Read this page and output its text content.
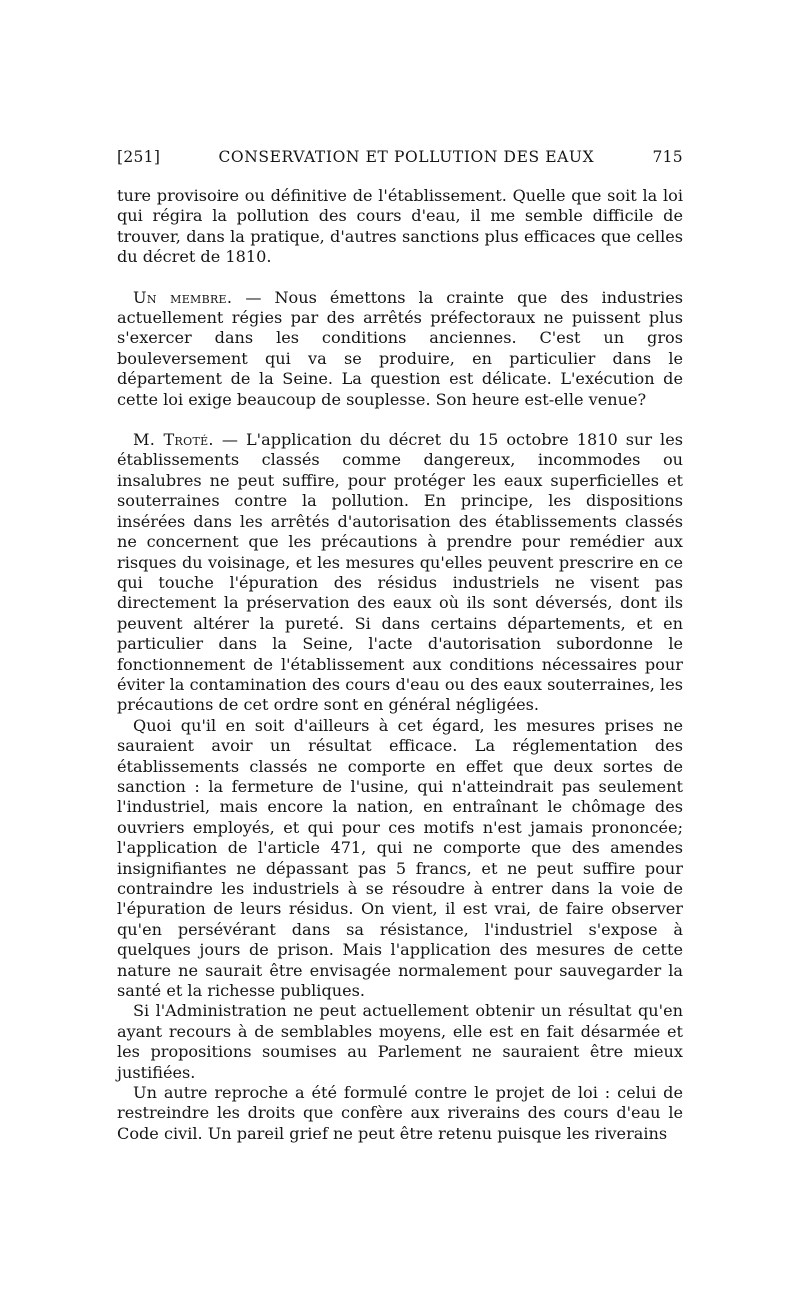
[251]	CONSERVATION ET POLLUTION DES EAUX	715

ture provisoire ou définitive de l'établissement. Quelle que soit la loi qui régira la pollution des cours d'eau, il me semble difficile de trouver, dans la pratique, d'autres sanctions plus efficaces que celles du décret de 1810.

Un membre. — Nous émettons la crainte que des industries actuellement régies par des arrêtés préfectoraux ne puissent plus s'exercer dans les conditions anciennes. C'est un gros bouleversement qui va se produire, en particulier dans le département de la Seine. La question est délicate. L'exécution de cette loi exige beaucoup de souplesse. Son heure est-elle venue?

M. Troté. — L'application du décret du 15 octobre 1810 sur les établissements classés comme dangereux, incommodes ou insalubres ne peut suffire, pour protéger les eaux superficielles et souterraines contre la pollution. En principe, les dispositions insérées dans les arrêtés d'autorisation des établissements classés ne concernent que les précautions à prendre pour remédier aux risques du voisinage, et les mesures qu'elles peuvent prescrire en ce qui touche l'épuration des résidus industriels ne visent pas directement la préservation des eaux où ils sont déversés, dont ils peuvent altérer la pureté. Si dans certains départements, et en particulier dans la Seine, l'acte d'autorisation subordonne le fonctionnement de l'établissement aux conditions nécessaires pour éviter la contamination des cours d'eau ou des eaux souterraines, les précautions de cet ordre sont en général négligées.

Quoi qu'il en soit d'ailleurs à cet égard, les mesures prises ne sauraient avoir un résultat efficace. La réglementation des établissements classés ne comporte en effet que deux sortes de sanction : la fermeture de l'usine, qui n'atteindrait pas seulement l'industriel, mais encore la nation, en entraînant le chômage des ouvriers employés, et qui pour ces motifs n'est jamais prononcée; l'application de l'article 471, qui ne comporte que des amendes insignifiantes ne dépassant pas 5 francs, et ne peut suffire pour contraindre les industriels à se résoudre à entrer dans la voie de l'épuration de leurs résidus. On vient, il est vrai, de faire observer qu'en persévérant dans sa résistance, l'industriel s'expose à quelques jours de prison. Mais l'application des mesures de cette nature ne saurait être envisagée normalement pour sauvegarder la santé et la richesse publiques.

Si l'Administration ne peut actuellement obtenir un résultat qu'en ayant recours à de semblables moyens, elle est en fait désarmée et les propositions soumises au Parlement ne sauraient être mieux justifiées.

Un autre reproche a été formulé contre le projet de loi : celui de restreindre les droits que confère aux riverains des cours d'eau le Code civil. Un pareil grief ne peut être retenu puisque les riverains
